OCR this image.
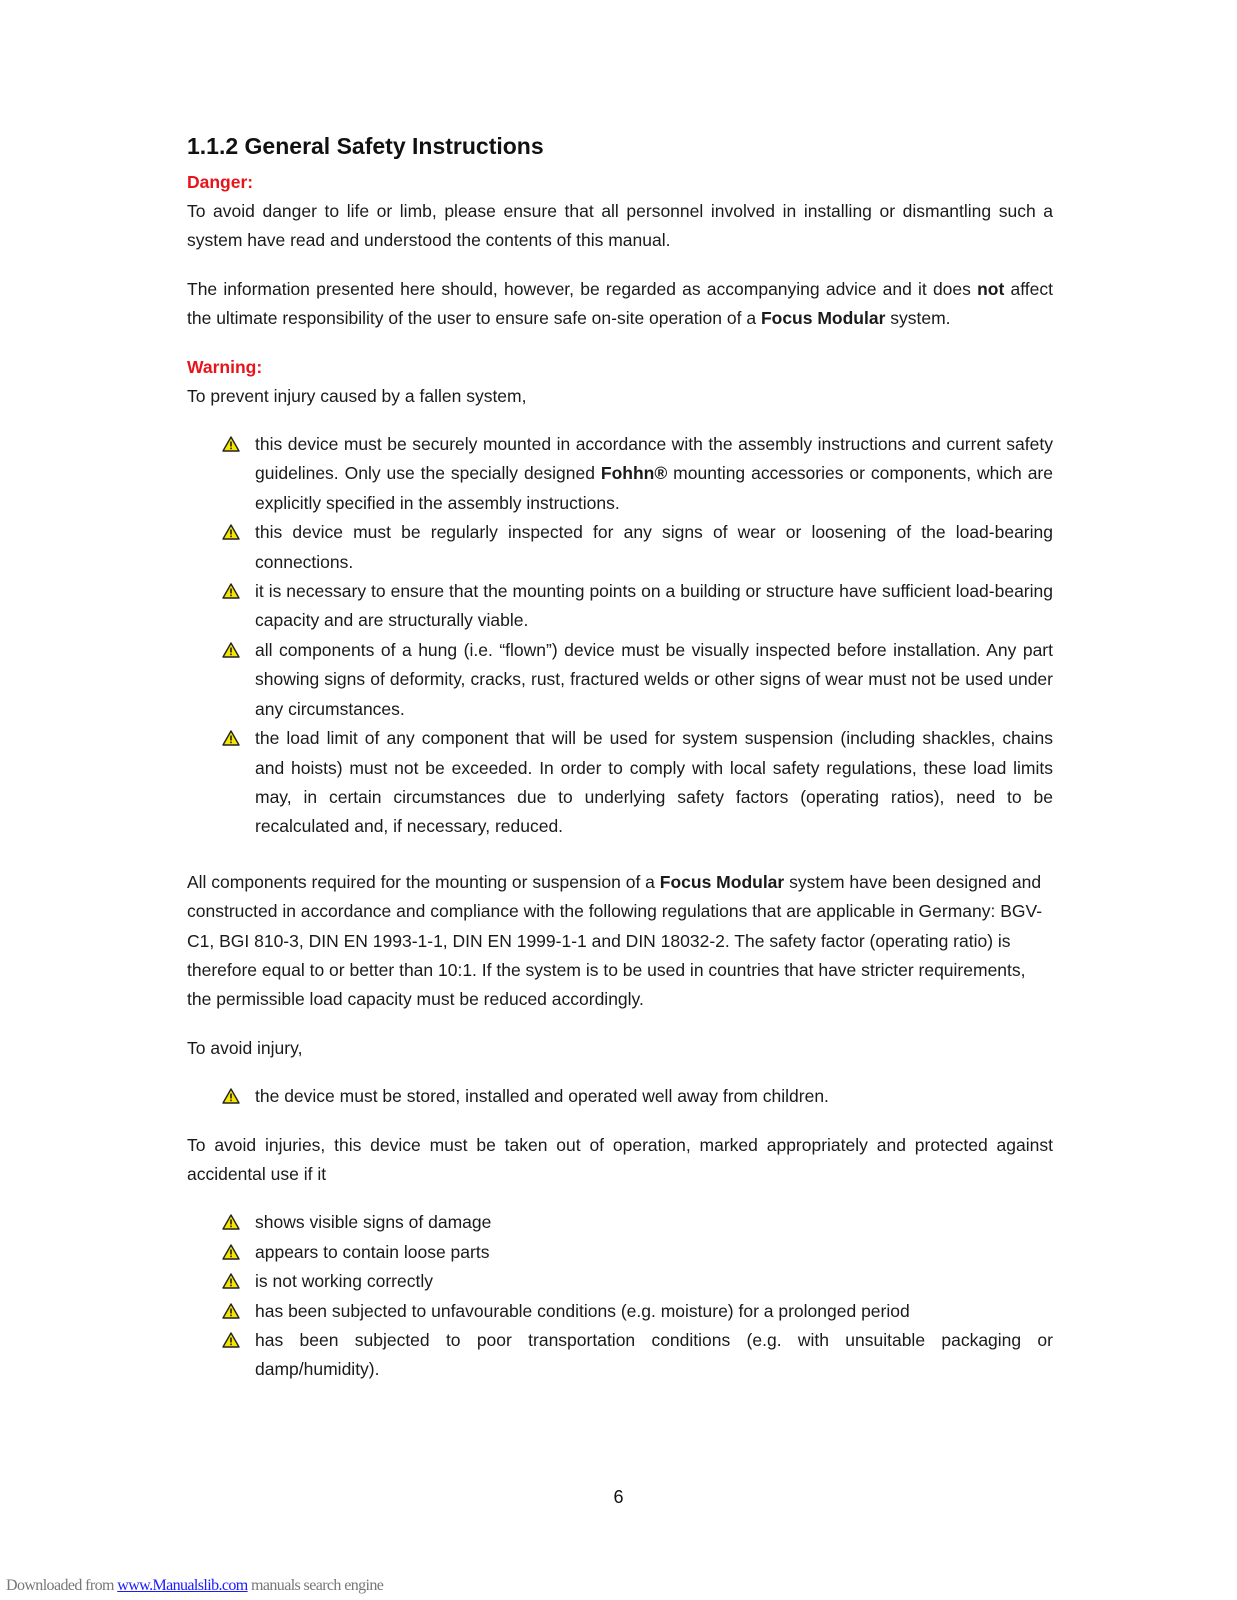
1.1.2 General Safety Instructions
Danger:

To avoid danger to life or limb, please ensure that all personnel involved in installing or dismantling such a system have read and understood the contents of this manual.

The information presented here should, however, be regarded as accompanying advice and it does not affect the ultimate responsibility of the user to ensure safe on-site operation of a Focus Modular system.

Warning:

To prevent injury caused by a fallen system,

this device must be securely mounted in accordance with the assembly instructions and current safety guidelines. Only use the specially designed Fohhn® mounting accessories or components, which are explicitly specified in the assembly instructions.
this device must be regularly inspected for any signs of wear or loosening of the load-bearing connections.
it is necessary to ensure that the mounting points on a building or structure have sufficient load-bearing capacity and are structurally viable.
all components of a hung (i.e. “flown”) device must be visually inspected before installation. Any part showing signs of deformity, cracks, rust, fractured welds or other signs of wear must not be used under any circumstances.
the load limit of any component that will be used for system suspension (including shackles, chains and hoists) must not be exceeded. In order to comply with local safety regulations, these load limits may, in certain circumstances due to underlying safety factors (operating ratios), need to be recalculated and, if necessary, reduced.

All components required for the mounting or suspension of a Focus Modular system have been designed and constructed in accordance and compliance with the following regulations that are applicable in Germany: BGV-C1, BGI 810-3, DIN EN 1993-1-1, DIN EN 1999-1-1 and DIN 18032-2. The safety factor (operating ratio) is therefore equal to or better than 10:1. If the system is to be used in countries that have stricter requirements, the permissible load capacity must be reduced accordingly.

To avoid injury,

the device must be stored, installed and operated well away from children.

To avoid injuries, this device must be taken out of operation, marked appropriately and protected against accidental use if it

shows visible signs of damage
appears to contain loose parts
is not working correctly
has been subjected to unfavourable conditions (e.g. moisture) for a prolonged period
has been subjected to poor transportation conditions (e.g. with unsuitable packaging or damp/humidity).
6
Downloaded from www.Manualslib.com manuals search engine
